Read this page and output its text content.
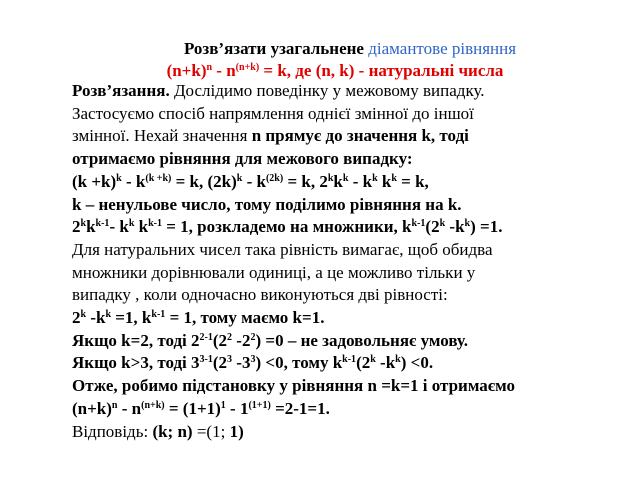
Розв’язати узагальнене діамантове рівняння
$(n+k)^n - n^{(n+k)} = k$, де (n, k) - натуральні числа
Розв’язання. Дослідимо поведінку у межовому випадку.
Застосуємо спосіб напрямлення однієї змінної до іншої
змінної. Нехай значення n прямує до значення k, тоді
отримаємо рівняння для межового випадку:
$(k +k)^k - k^{(k +k)} = k$, $(2k)^k - k^{(2k)} = k$, $2^kk^k - k^k$ $k^k = k$,
k – ненульове число, тому поділимо рівняння на k.
$2^kk^{k-1}-$ $k^k$ $k^{k-1} = 1$, розкладемо на множники, $k^{k-1}(2^k$ $-k^k) =1$.
Для натуральних чисел така рівність вимагає, щоб обидва
множники дорівнювали одиниці, а це можливо тільки у
випадку , коли одночасно виконуються дві рівності:
2$^k$ $-k^k =1$, $k^{k-1} = 1$, тому маємо k=1.
Якщо k=2, тоді $2^{2-1}(2^2$ $-2^2) =0$ – не задовольняє умову.
Якщо k>3, тоді $3^{3-1}(2^3$ $-3^3) <0$, тому $k^{k-1}(2^k$ $-k^k) <0$.
Отже, робимо підстановку у рівняння n =k=1 і отримаємо
$(n+k)^n - n^{(n+k)} = (1+1)^1 - 1^{(1+1)} =2-1=1$.
Відповідь: (k; n) =(1; 1)
